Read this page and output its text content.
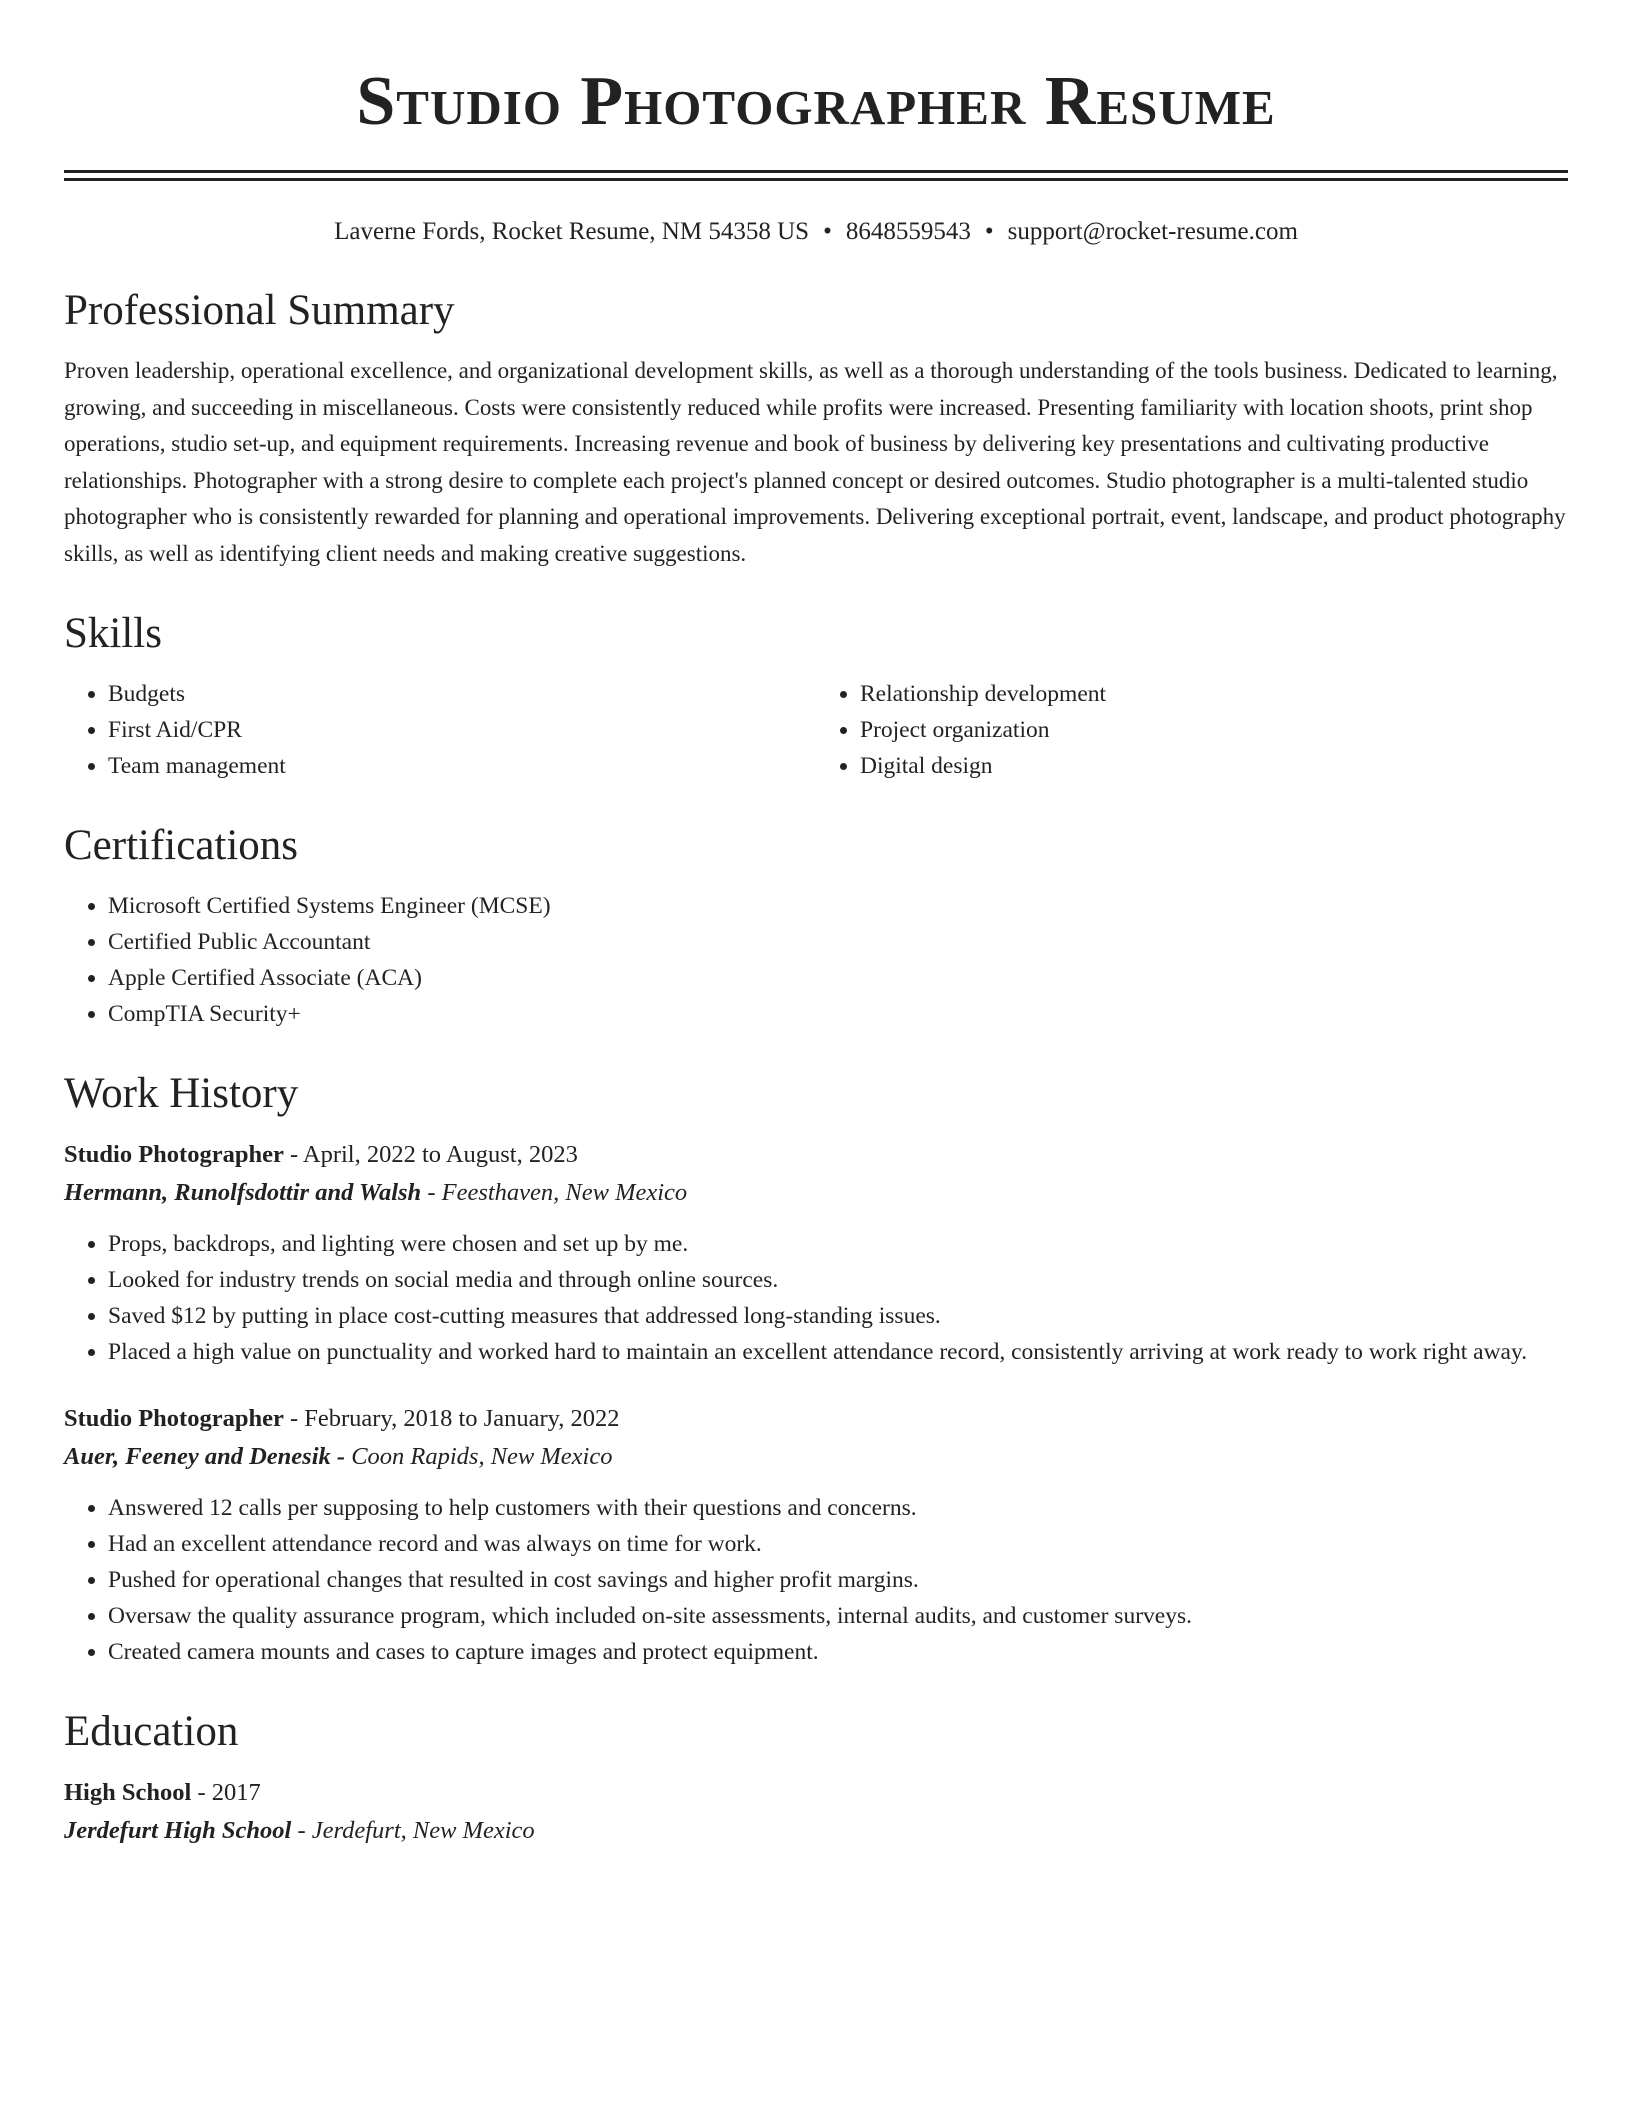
Studio Photographer Resume
Laverne Fords, Rocket Resume, NM 54358 US • 8648559543 • support@rocket-resume.com
Professional Summary

Proven leadership, operational excellence, and organizational development skills, as well as a thorough understanding of the tools business. Dedicated to learning, growing, and succeeding in miscellaneous. Costs were consistently reduced while profits were increased. Presenting familiarity with location shoots, print shop operations, studio set-up, and equipment requirements. Increasing revenue and book of business by delivering key presentations and cultivating productive relationships. Photographer with a strong desire to complete each project's planned concept or desired outcomes. Studio photographer is a multi-talented studio photographer who is consistently rewarded for planning and operational improvements. Delivering exceptional portrait, event, landscape, and product photography skills, as well as identifying client needs and making creative suggestions.

Skills
• Budgets
• First Aid/CPR
• Team management
• Relationship development
• Project organization
• Digital design
Certifications
• Microsoft Certified Systems Engineer (MCSE)
• Certified Public Accountant
• Apple Certified Associate (ACA)
• CompTIA Security+
Work History
Studio Photographer - April, 2022 to August, 2023
Hermann, Runolfsdottir and Walsh - Feesthaven, New Mexico
• Props, backdrops, and lighting were chosen and set up by me.
• Looked for industry trends on social media and through online sources.
• Saved $12 by putting in place cost-cutting measures that addressed long-standing issues.
• Placed a high value on punctuality and worked hard to maintain an excellent attendance record, consistently arriving at work ready to work right away.
Studio Photographer - February, 2018 to January, 2022
Auer, Feeney and Denesik - Coon Rapids, New Mexico
• Answered 12 calls per supposing to help customers with their questions and concerns.
• Had an excellent attendance record and was always on time for work.
• Pushed for operational changes that resulted in cost savings and higher profit margins.
• Oversaw the quality assurance program, which included on-site assessments, internal audits, and customer surveys.
• Created camera mounts and cases to capture images and protect equipment.
Education
High School - 2017
Jerdefurt High School - Jerdefurt, New Mexico
